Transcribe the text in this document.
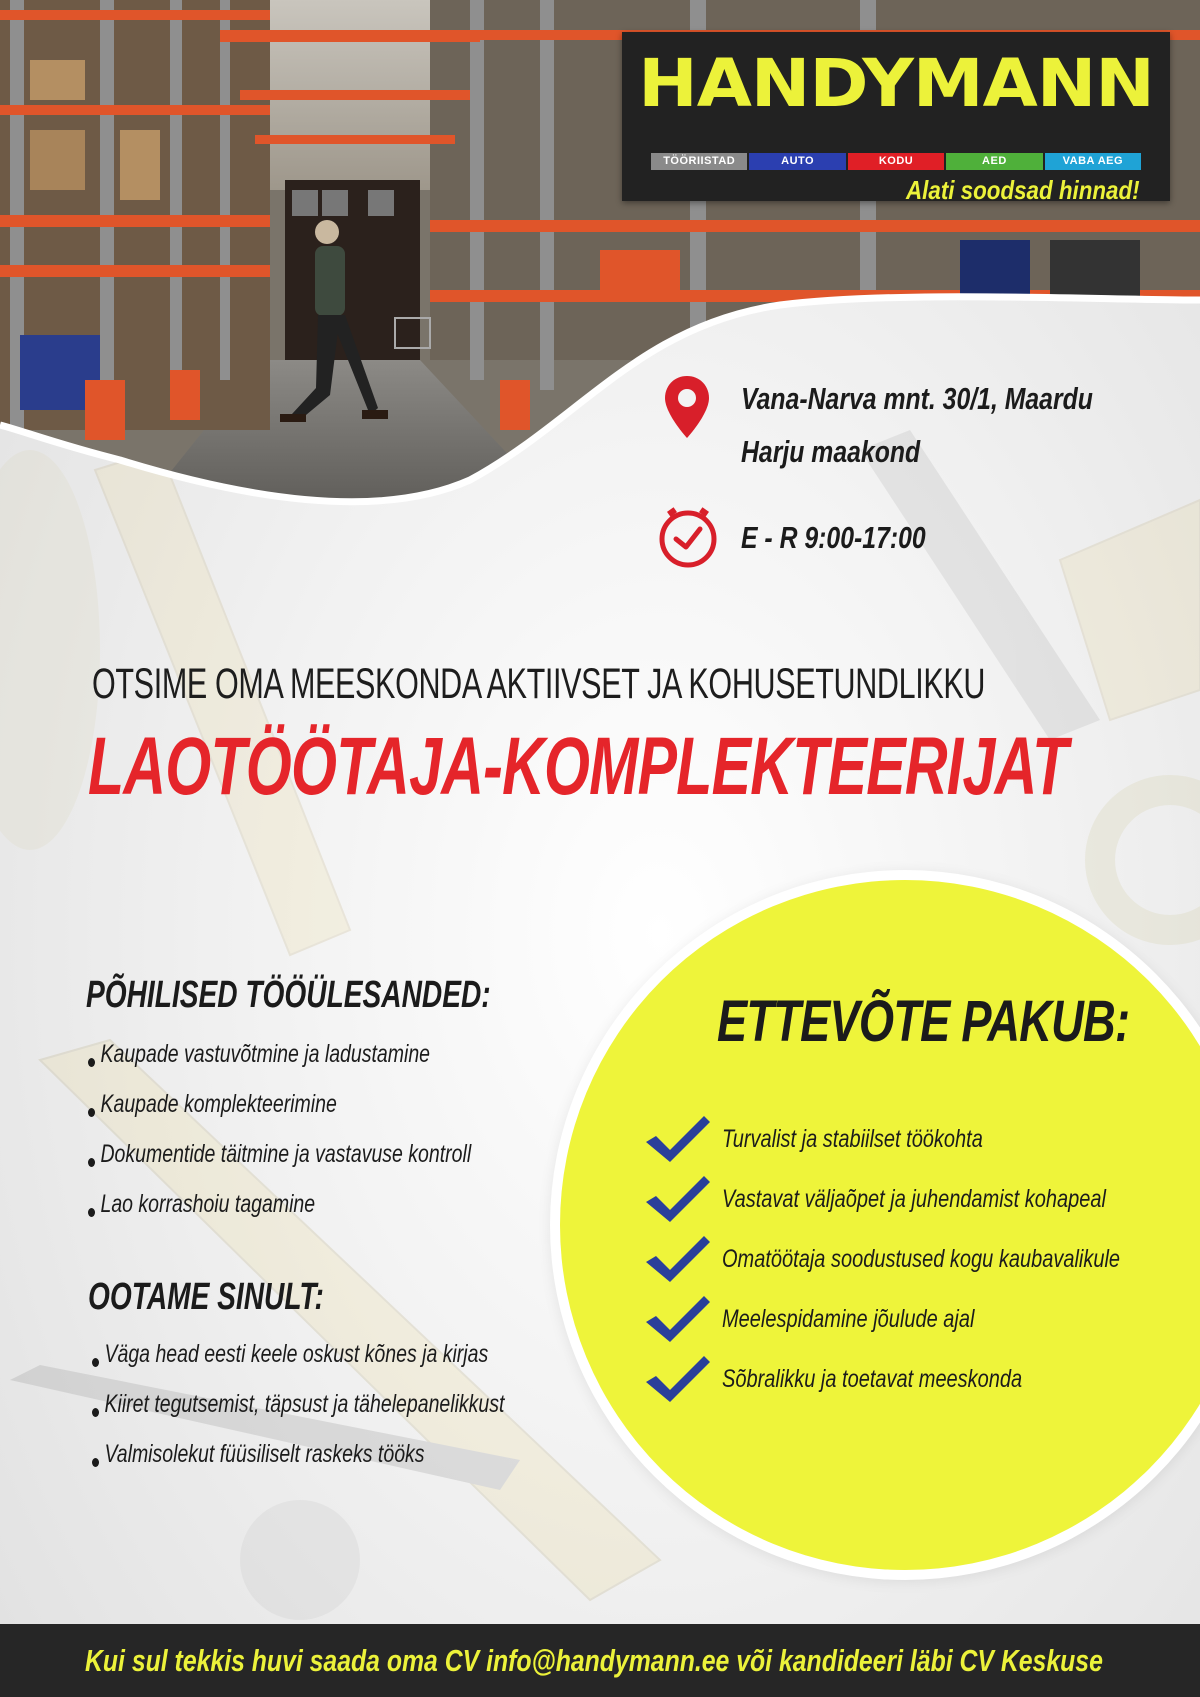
HANDYMANN
TÖÖRIISTAD	AUTO	KODU	AED	VABA AEG
Alati soodsad hinnad!
Vana-Narva mnt. 30/1, Maardu
Harju maakond
E - R 9:00-17:00
OTSIME OMA MEESKONDA AKTIIVSET JA KOHUSETUNDLIKKU
LAOTÖÖTAJA-KOMPLEKTEERIJAT
ETTEVÕTE PAKUB:
Turvalist ja stabiilset töökohta
Vastavat väljaõpet ja juhendamist kohapeal
Omatöötaja soodustused kogu kaubavalikule
Meelespidamine jõulude ajal
Sõbralikku ja toetavat meeskonda
PÕHILISED TÖÖÜLESANDED:
Kaupade vastuvõtmine ja ladustamine
Kaupade komplekteerimine
Dokumentide täitmine ja vastavuse kontroll
Lao korrashoiu tagamine
OOTAME SINULT:
Väga head eesti keele oskust kõnes ja kirjas
Kiiret tegutsemist, täpsust ja tähelepanelikkust
Valmisolekut füüsiliselt raskeks tööks
Kui sul tekkis huvi saada oma CV info@handymann.ee või kandideeri läbi CV Keskuse
